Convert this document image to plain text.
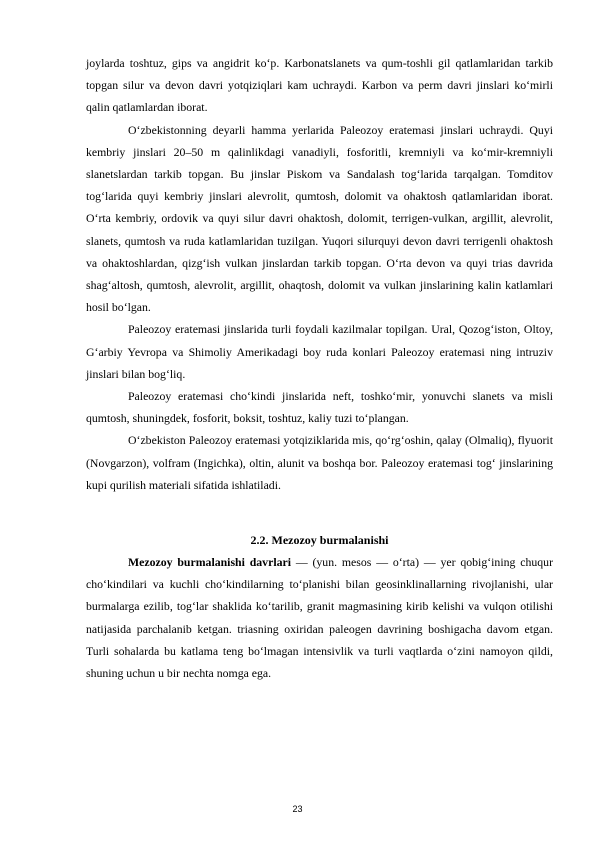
joylarda toshtuz, gips va angidrit koʻp. Karbonatslanets va qum-toshli gil qatlamlaridan tarkib topgan silur va devon davri yotqiziqlari kam uchraydi. Karbon va perm davri jinslari koʻmirli qalin qatlamlardan iborat.

Oʻzbekistonning deyarli hamma yerlarida Paleozoy eratemasi jinslari uchraydi. Quyi kembriy jinslari 20–50 m qalinlikdagi vanadiyli, fosforitli, kremniyli va koʻmir-kremniyli slanetslardan tarkib topgan. Bu jinslar Piskom va Sandalash togʻlarida tarqalgan. Tomditov togʻlarida quyi kembriy jinslari alevrolit, qumtosh, dolomit va ohaktosh qatlamlaridan iborat. Oʻrta kembriy, ordovik va quyi silur davri ohaktosh, dolomit, terrigen-vulkan, argillit, alevrolit, slanets, qumtosh va ruda katlamlaridan tuzilgan. Yuqori silurquyi devon davri terrigenli ohaktosh va ohaktoshlardan, qizgʻish vulkan jinslardan tarkib topgan. Oʻrta devon va quyi trias davrida shagʻaltosh, qumtosh, alevrolit, argillit, ohaqtosh, dolomit va vulkan jinslarining kalin katlamlari hosil boʻlgan.

Paleozoy eratemasi jinslarida turli foydali kazilmalar topilgan. Ural, Qozogʻiston, Oltoy, Gʻarbiy Yevropa va Shimoliy Amerikadagi boy ruda konlari Paleozoy eratemasi ning intruziv jinslari bilan bogʻliq.

Paleozoy eratemasi choʻkindi jinslarida neft, toshkoʻmir, yonuvchi slanets va misli qumtosh, shuningdek, fosforit, boksit, toshtuz, kaliy tuzi toʻplangan.

Oʻzbekiston Paleozoy eratemasi yotqiziklarida mis, qoʻrgʻoshin, qalay (Olmaliq), flyuorit (Novgarzon), volfram (Ingichka), oltin, alunit va boshqa bor. Paleozoy eratemasi togʻ jinslarining kupi qurilish materiali sifatida ishlatiladi.

2.2. Mezozoy burmalanishi

Mezozoy burmalanishi davrlari — (yun. mesos — oʻrta) — yer qobigʻining chuqur choʻkindilari va kuchli choʻkindilarning toʻplanishi bilan geosinklinallarning rivojlanishi, ular burmalarga ezilib, togʻlar shaklida koʻtarilib, granit magmasining kirib kelishi va vulqon otilishi natijasida parchalanib ketgan. triasning oxiridan paleogen davrining boshigacha davom etgan. Turli sohalarda bu katlama teng boʻlmagan intensivlik va turli vaqtlarda oʻzini namoyon qildi, shuning uchun u bir nechta nomga ega.

23
